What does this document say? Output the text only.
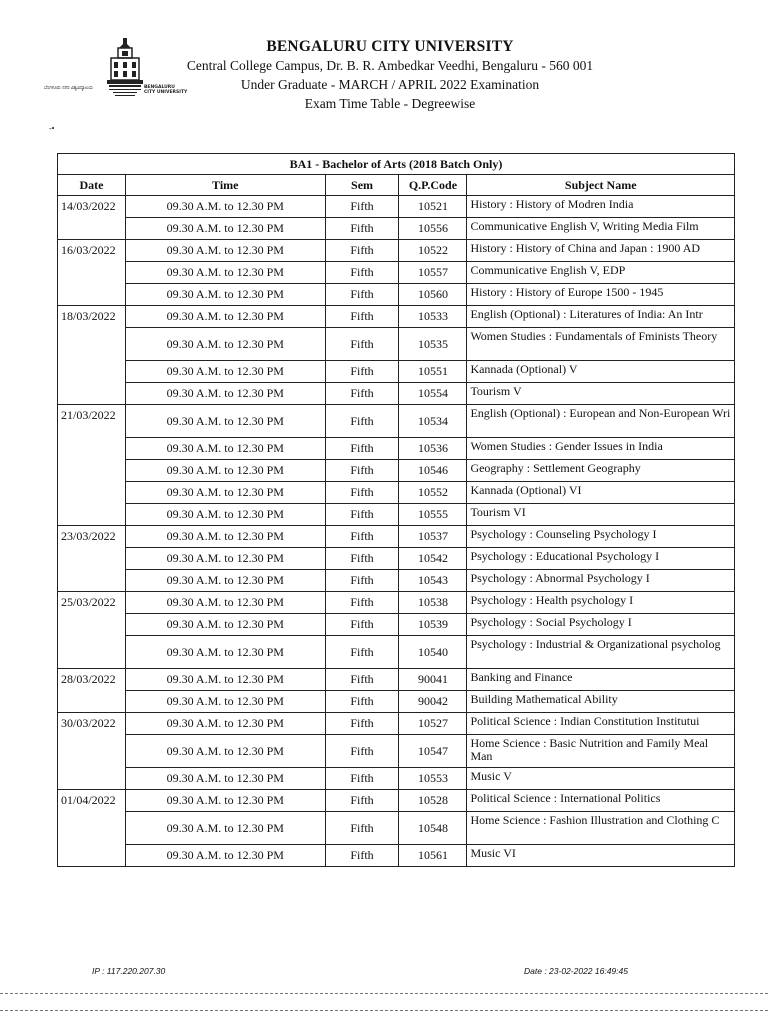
ಬೆಂಗಳೂರು ನಗರ ವಿಶ್ವವಿದ್ಯಾಲಯ	BENGALURU
CITY UNIVERSITY
BENGALURU CITY UNIVERSITY
Central College Campus, Dr. B. R. Ambedkar Veedhi, Bengaluru - 560 001
Under Graduate - MARCH / APRIL 2022 Examination
Exam Time Table - Degreewise
-•
BA1 - Bachelor of Arts (2018 Batch Only)				
Date	Time	Sem	Q.P.Code	Subject Name
14/03/2022	09.30 A.M. to 12.30 PM	Fifth	10521	History : History of Modren India
	09.30 A.M. to 12.30 PM	Fifth	10556	Communicative English V, Writing Media Film
16/03/2022	09.30 A.M. to 12.30 PM	Fifth	10522	History : History of China and Japan : 1900 AD
	09.30 A.M. to 12.30 PM	Fifth	10557	Communicative English V, EDP
	09.30 A.M. to 12.30 PM	Fifth	10560	History : History of Europe 1500 - 1945
18/03/2022	09.30 A.M. to 12.30 PM	Fifth	10533	English (Optional) : Literatures of India: An Intr
	09.30 A.M. to 12.30 PM	Fifth	10535	Women Studies : Fundamentals of Fminists Theory
	09.30 A.M. to 12.30 PM	Fifth	10551	Kannada (Optional) V
	09.30 A.M. to 12.30 PM	Fifth	10554	Tourism V
21/03/2022	09.30 A.M. to 12.30 PM	Fifth	10534	English (Optional) : European and Non-European Wri
	09.30 A.M. to 12.30 PM	Fifth	10536	Women Studies : Gender Issues in India
	09.30 A.M. to 12.30 PM	Fifth	10546	Geography : Settlement Geography
	09.30 A.M. to 12.30 PM	Fifth	10552	Kannada (Optional) VI
	09.30 A.M. to 12.30 PM	Fifth	10555	Tourism VI
23/03/2022	09.30 A.M. to 12.30 PM	Fifth	10537	Psychology : Counseling Psychology I
	09.30 A.M. to 12.30 PM	Fifth	10542	Psychology : Educational Psychology I
	09.30 A.M. to 12.30 PM	Fifth	10543	Psychology : Abnormal Psychology I
25/03/2022	09.30 A.M. to 12.30 PM	Fifth	10538	Psychology : Health psychology I
	09.30 A.M. to 12.30 PM	Fifth	10539	Psychology : Social Psychology I
	09.30 A.M. to 12.30 PM	Fifth	10540	Psychology : Industrial & Organizational psycholog
28/03/2022	09.30 A.M. to 12.30 PM	Fifth	90041	Banking and Finance
	09.30 A.M. to 12.30 PM	Fifth	90042	Building Mathematical Ability
30/03/2022	09.30 A.M. to 12.30 PM	Fifth	10527	Political Science : Indian Constitution Institutui
	09.30 A.M. to 12.30 PM	Fifth	10547	Home Science : Basic Nutrition and Family Meal Man
	09.30 A.M. to 12.30 PM	Fifth	10553	Music V
01/04/2022	09.30 A.M. to 12.30 PM	Fifth	10528	Political Science : International Politics
	09.30 A.M. to 12.30 PM	Fifth	10548	Home Science : Fashion Illustration and Clothing C
	09.30 A.M. to 12.30 PM	Fifth	10561	Music VI
IP : 117.220.207.30	Date : 23-02-2022 16:49:45
